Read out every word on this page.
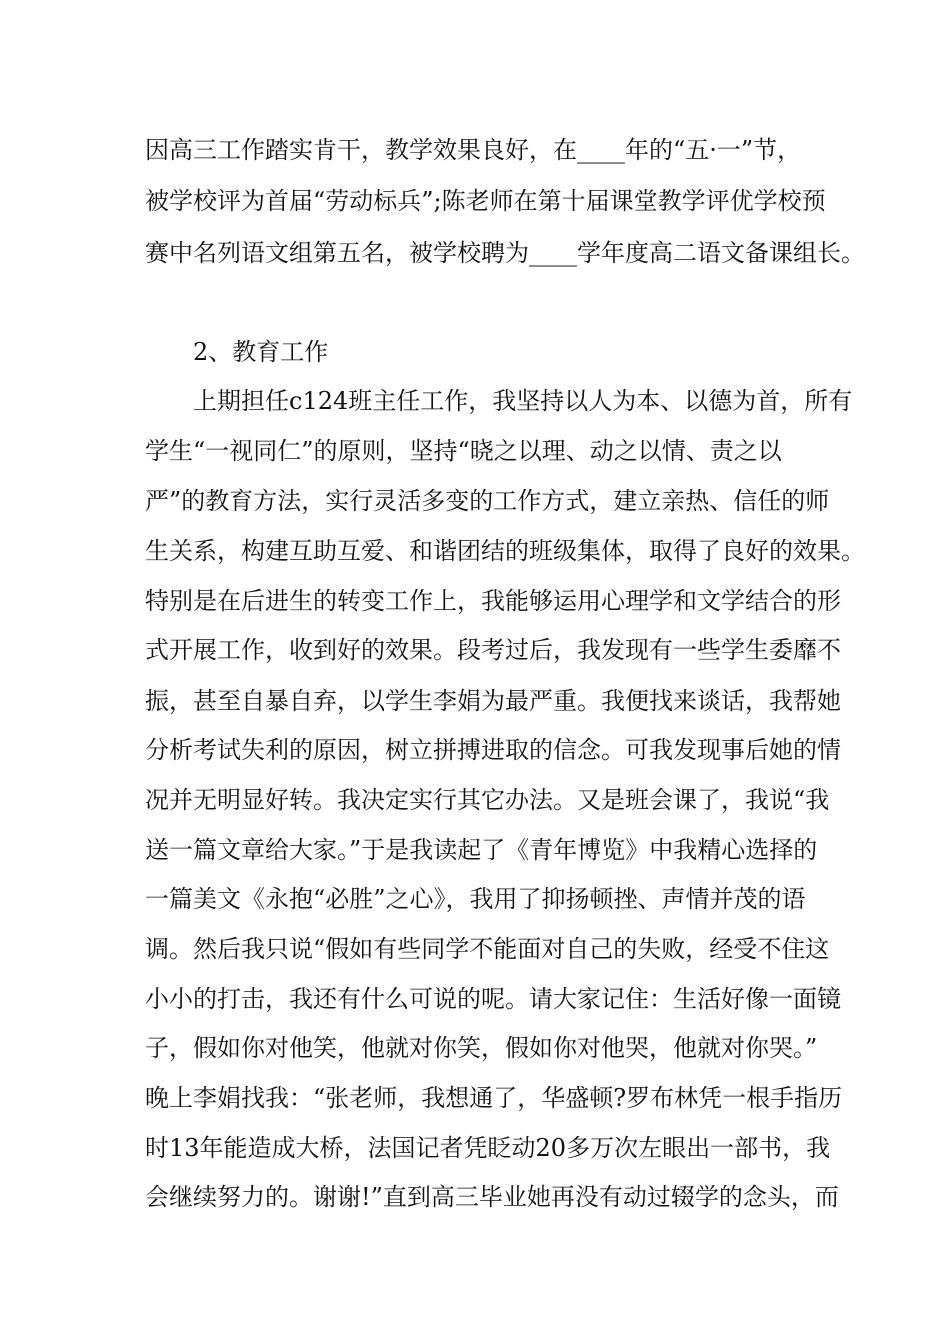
因高三工作踏实肯干，教学效果良好，在____年的“五·一”节，

被学校评为首届“劳动标兵”;陈老师在第十届课堂教学评优学校预

赛中名列语文组第五名，被学校聘为____学年度高二语文备课组长。

2、教育工作

上期担任c124班主任工作，我坚持以人为本、以德为首，所有

学生“一视同仁”的原则，坚持“晓之以理、动之以情、责之以

严”的教育方法，实行灵活多变的工作方式，建立亲热、信任的师

生关系，构建互助互爱、和谐团结的班级集体，取得了良好的效果。

特别是在后进生的转变工作上，我能够运用心理学和文学结合的形

式开展工作，收到好的效果。段考过后，我发现有一些学生委靡不

振，甚至自暴自弃，以学生李娟为最严重。我便找来谈话，我帮她

分析考试失利的原因，树立拼搏进取的信念。可我发现事后她的情

况并无明显好转。我决定实行其它办法。又是班会课了，我说“我

送一篇文章给大家。”于是我读起了《青年博览》中我精心选择的

一篇美文《永抱“必胜”之心》，我用了抑扬顿挫、声情并茂的语

调。然后我只说“假如有些同学不能面对自己的失败，经受不住这

小小的打击，我还有什么可说的呢。请大家记住：生活好像一面镜

子，假如你对他笑，他就对你笑，假如你对他哭，他就对你哭。”

晚上李娟找我：“张老师，我想通了，华盛顿?罗布林凭一根手指历

时13年能造成大桥，法国记者凭眨动20多万次左眼出一部书，我

会继续努力的。谢谢!”直到高三毕业她再没有动过辍学的念头，而
